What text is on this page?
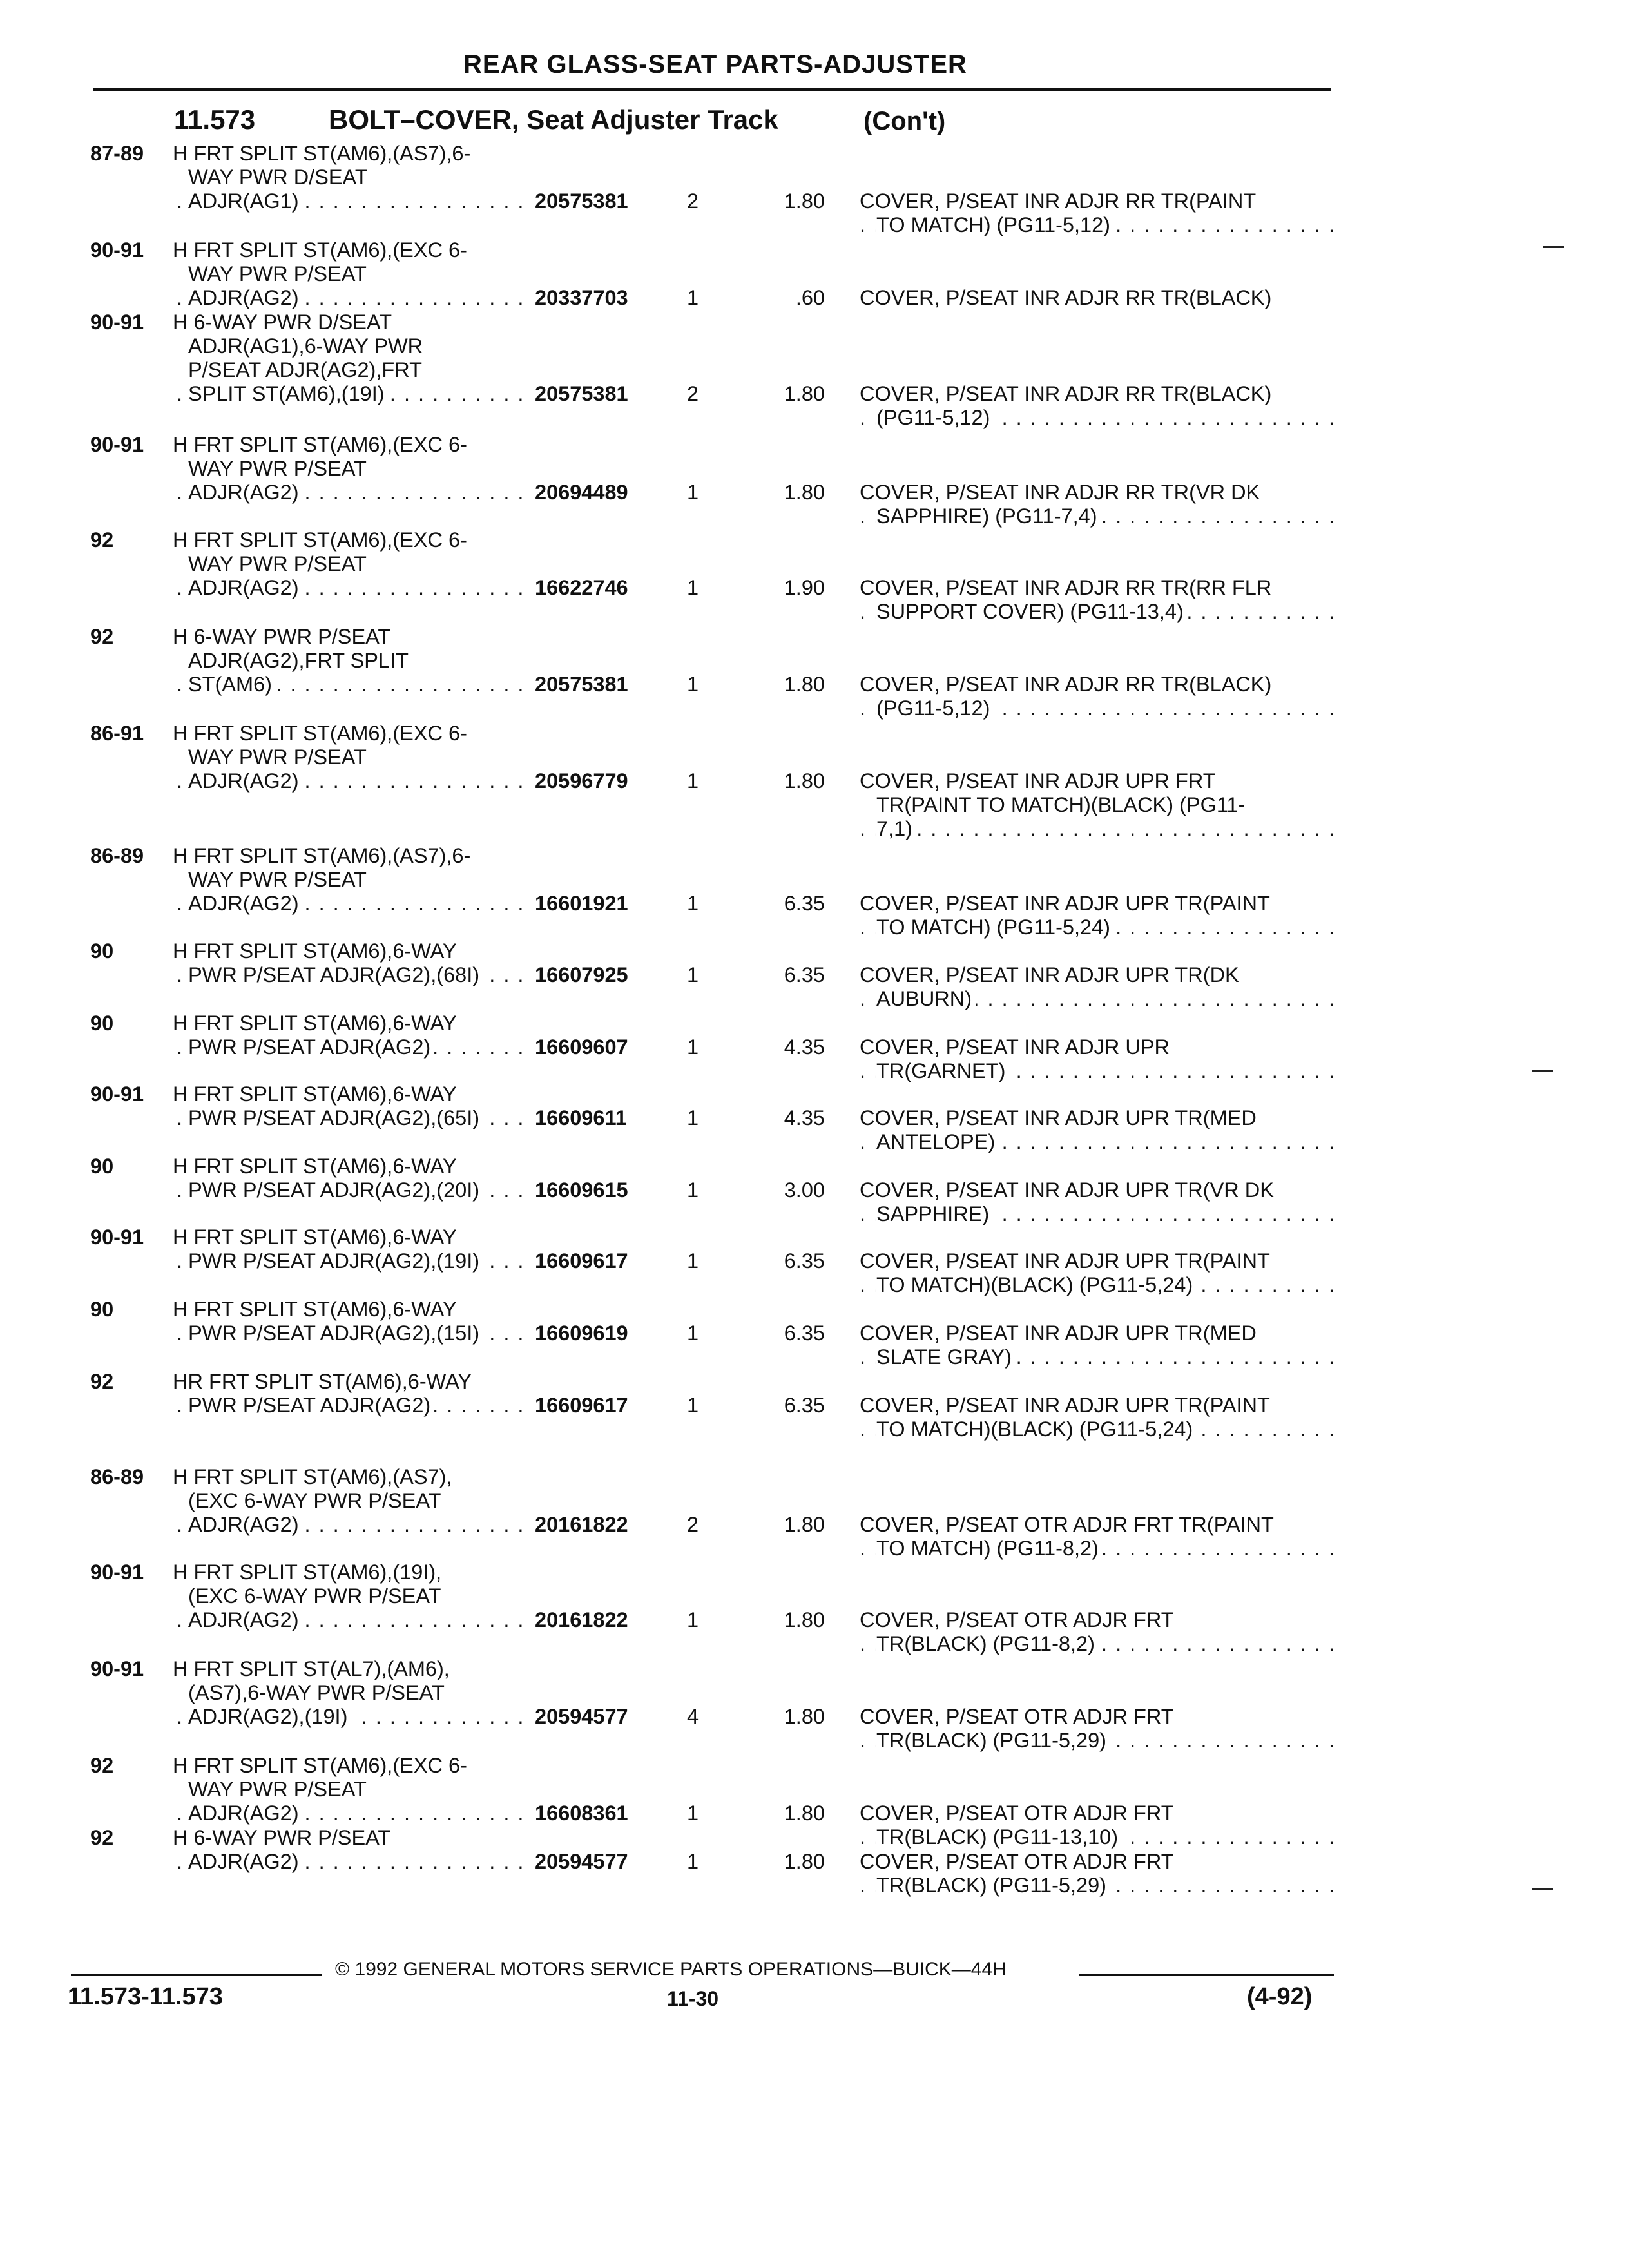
REAR GLASS-SEAT PARTS-ADJUSTER
11.573	BOLT–COVER, Seat Adjuster Track	(Con't)
87-89 H FRT SPLIT ST(AM6),(AS7),6-
WAY PWR D/SEAT
ADJR(AG1) . . .	20575381	2	1.80 COVER, P/SEAT INR ADJR RR TR(PAINT
TO MATCH) (PG11-5,12) . . .
90-91 H FRT SPLIT ST(AM6),(EXC 6-
WAY PWR P/SEAT
ADJR(AG2) . . .	20337703	1	.60 COVER, P/SEAT INR ADJR RR TR(BLACK)
90-91 H 6-WAY PWR D/SEAT
ADJR(AG1),6-WAY PWR
P/SEAT ADJR(AG2),FRT
SPLIT ST(AM6),(19I) . . .	20575381	2	1.80 COVER, P/SEAT INR ADJR RR TR(BLACK)
(PG11-5,12) . . .
90-91 H FRT SPLIT ST(AM6),(EXC 6-
WAY PWR P/SEAT
ADJR(AG2) . . .	20694489	1	1.80 COVER, P/SEAT INR ADJR RR TR(VR DK
SAPPHIRE) (PG11-7,4) . . .
92	H FRT SPLIT ST(AM6),(EXC 6-
WAY PWR P/SEAT
ADJR(AG2) . . .	16622746	1	1.90 COVER, P/SEAT INR ADJR RR TR(RR FLR
SUPPORT COVER) (PG11-13,4) . . .
92	H 6-WAY PWR P/SEAT
ADJR(AG2),FRT SPLIT
ST(AM6) . . .	20575381	1	1.80 COVER, P/SEAT INR ADJR RR TR(BLACK)
(PG11-5,12) . . .
86-91 H FRT SPLIT ST(AM6),(EXC 6-
WAY PWR P/SEAT
ADJR(AG2) . . .	20596779	1	1.80 COVER, P/SEAT INR ADJR UPR FRT
TR(PAINT TO MATCH)(BLACK) (PG11-
7,1) . . .
86-89 H FRT SPLIT ST(AM6),(AS7),6-
WAY PWR P/SEAT
ADJR(AG2) . . .	16601921	1	6.35 COVER, P/SEAT INR ADJR UPR TR(PAINT
TO MATCH) (PG11-5,24) . . .
90	H FRT SPLIT ST(AM6),6-WAY
PWR P/SEAT ADJR(AG2),(68I) . . .	16607925	1	6.35 COVER, P/SEAT INR ADJR UPR TR(DK
AUBURN) . . .
90	H FRT SPLIT ST(AM6),6-WAY
PWR P/SEAT ADJR(AG2) . . .	16609607	1	4.35 COVER, P/SEAT INR ADJR UPR
TR(GARNET) . . .
90-91 H FRT SPLIT ST(AM6),6-WAY
PWR P/SEAT ADJR(AG2),(65I) . . .	16609611	1	4.35 COVER, P/SEAT INR ADJR UPR TR(MED
ANTELOPE) . . .
90	H FRT SPLIT ST(AM6),6-WAY
PWR P/SEAT ADJR(AG2),(20I) . . .	16609615	1	3.00 COVER, P/SEAT INR ADJR UPR TR(VR DK
SAPPHIRE) . . .
90-91 H FRT SPLIT ST(AM6),6-WAY
PWR P/SEAT ADJR(AG2),(19I) . . .	16609617	1	6.35 COVER, P/SEAT INR ADJR UPR TR(PAINT
TO MATCH)(BLACK) (PG11-5,24) . . .
90	H FRT SPLIT ST(AM6),6-WAY
PWR P/SEAT ADJR(AG2),(15I) . . .	16609619	1	6.35 COVER, P/SEAT INR ADJR UPR TR(MED
SLATE GRAY) . . .
92	HR FRT SPLIT ST(AM6),6-WAY
PWR P/SEAT ADJR(AG2) . . .	16609617	1	6.35 COVER, P/SEAT INR ADJR UPR TR(PAINT
TO MATCH)(BLACK) (PG11-5,24) . . .
86-89 H FRT SPLIT ST(AM6),(AS7),
(EXC 6-WAY PWR P/SEAT
ADJR(AG2) . . .	20161822	2	1.80 COVER, P/SEAT OTR ADJR FRT TR(PAINT
TO MATCH) (PG11-8,2) . . .
90-91 H FRT SPLIT ST(AM6),(19I),
(EXC 6-WAY PWR P/SEAT
ADJR(AG2) . . .	20161822	1	1.80 COVER, P/SEAT OTR ADJR FRT
TR(BLACK) (PG11-8,2) . . .
90-91 H FRT SPLIT ST(AL7),(AM6),
(AS7),6-WAY PWR P/SEAT
ADJR(AG2),(19I) . . .	20594577	4	1.80 COVER, P/SEAT OTR ADJR FRT
TR(BLACK) (PG11-5,29) . . .
92	H FRT SPLIT ST(AM6),(EXC 6-
WAY PWR P/SEAT
ADJR(AG2) . . .	16608361	1	1.80 COVER, P/SEAT OTR ADJR FRT
TR(BLACK) (PG11-13,10) . . .
92	H 6-WAY PWR P/SEAT
ADJR(AG2) . . .	20594577	1	1.80 COVER, P/SEAT OTR ADJR FRT
TR(BLACK) (PG11-5,29) . . .
© 1992 GENERAL MOTORS SERVICE PARTS OPERATIONS—BUICK—44H
11.573-11.573	11-30	(4-92)
